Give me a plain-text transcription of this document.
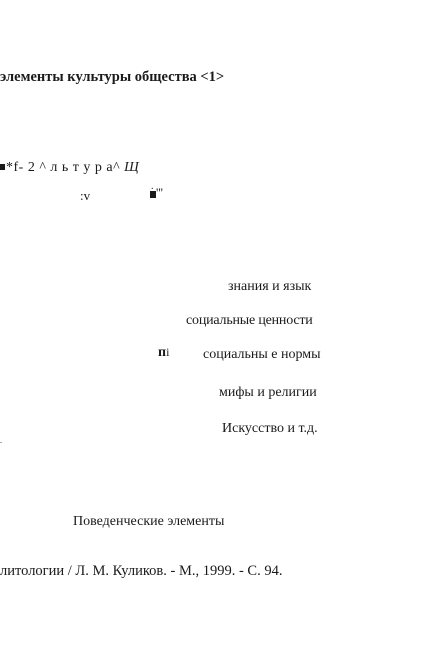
элементы культуры общества <1>
*f- 2 ^ л ь т у р а^ Щ
:v
. '''
знания и язык
социальные ценности
пi социальны е нормы
мифы и религии
Искусство и т.д.
.
Поведенческие элементы
литологии / Л. М. Куликов. - М., 1999. - С. 94.
